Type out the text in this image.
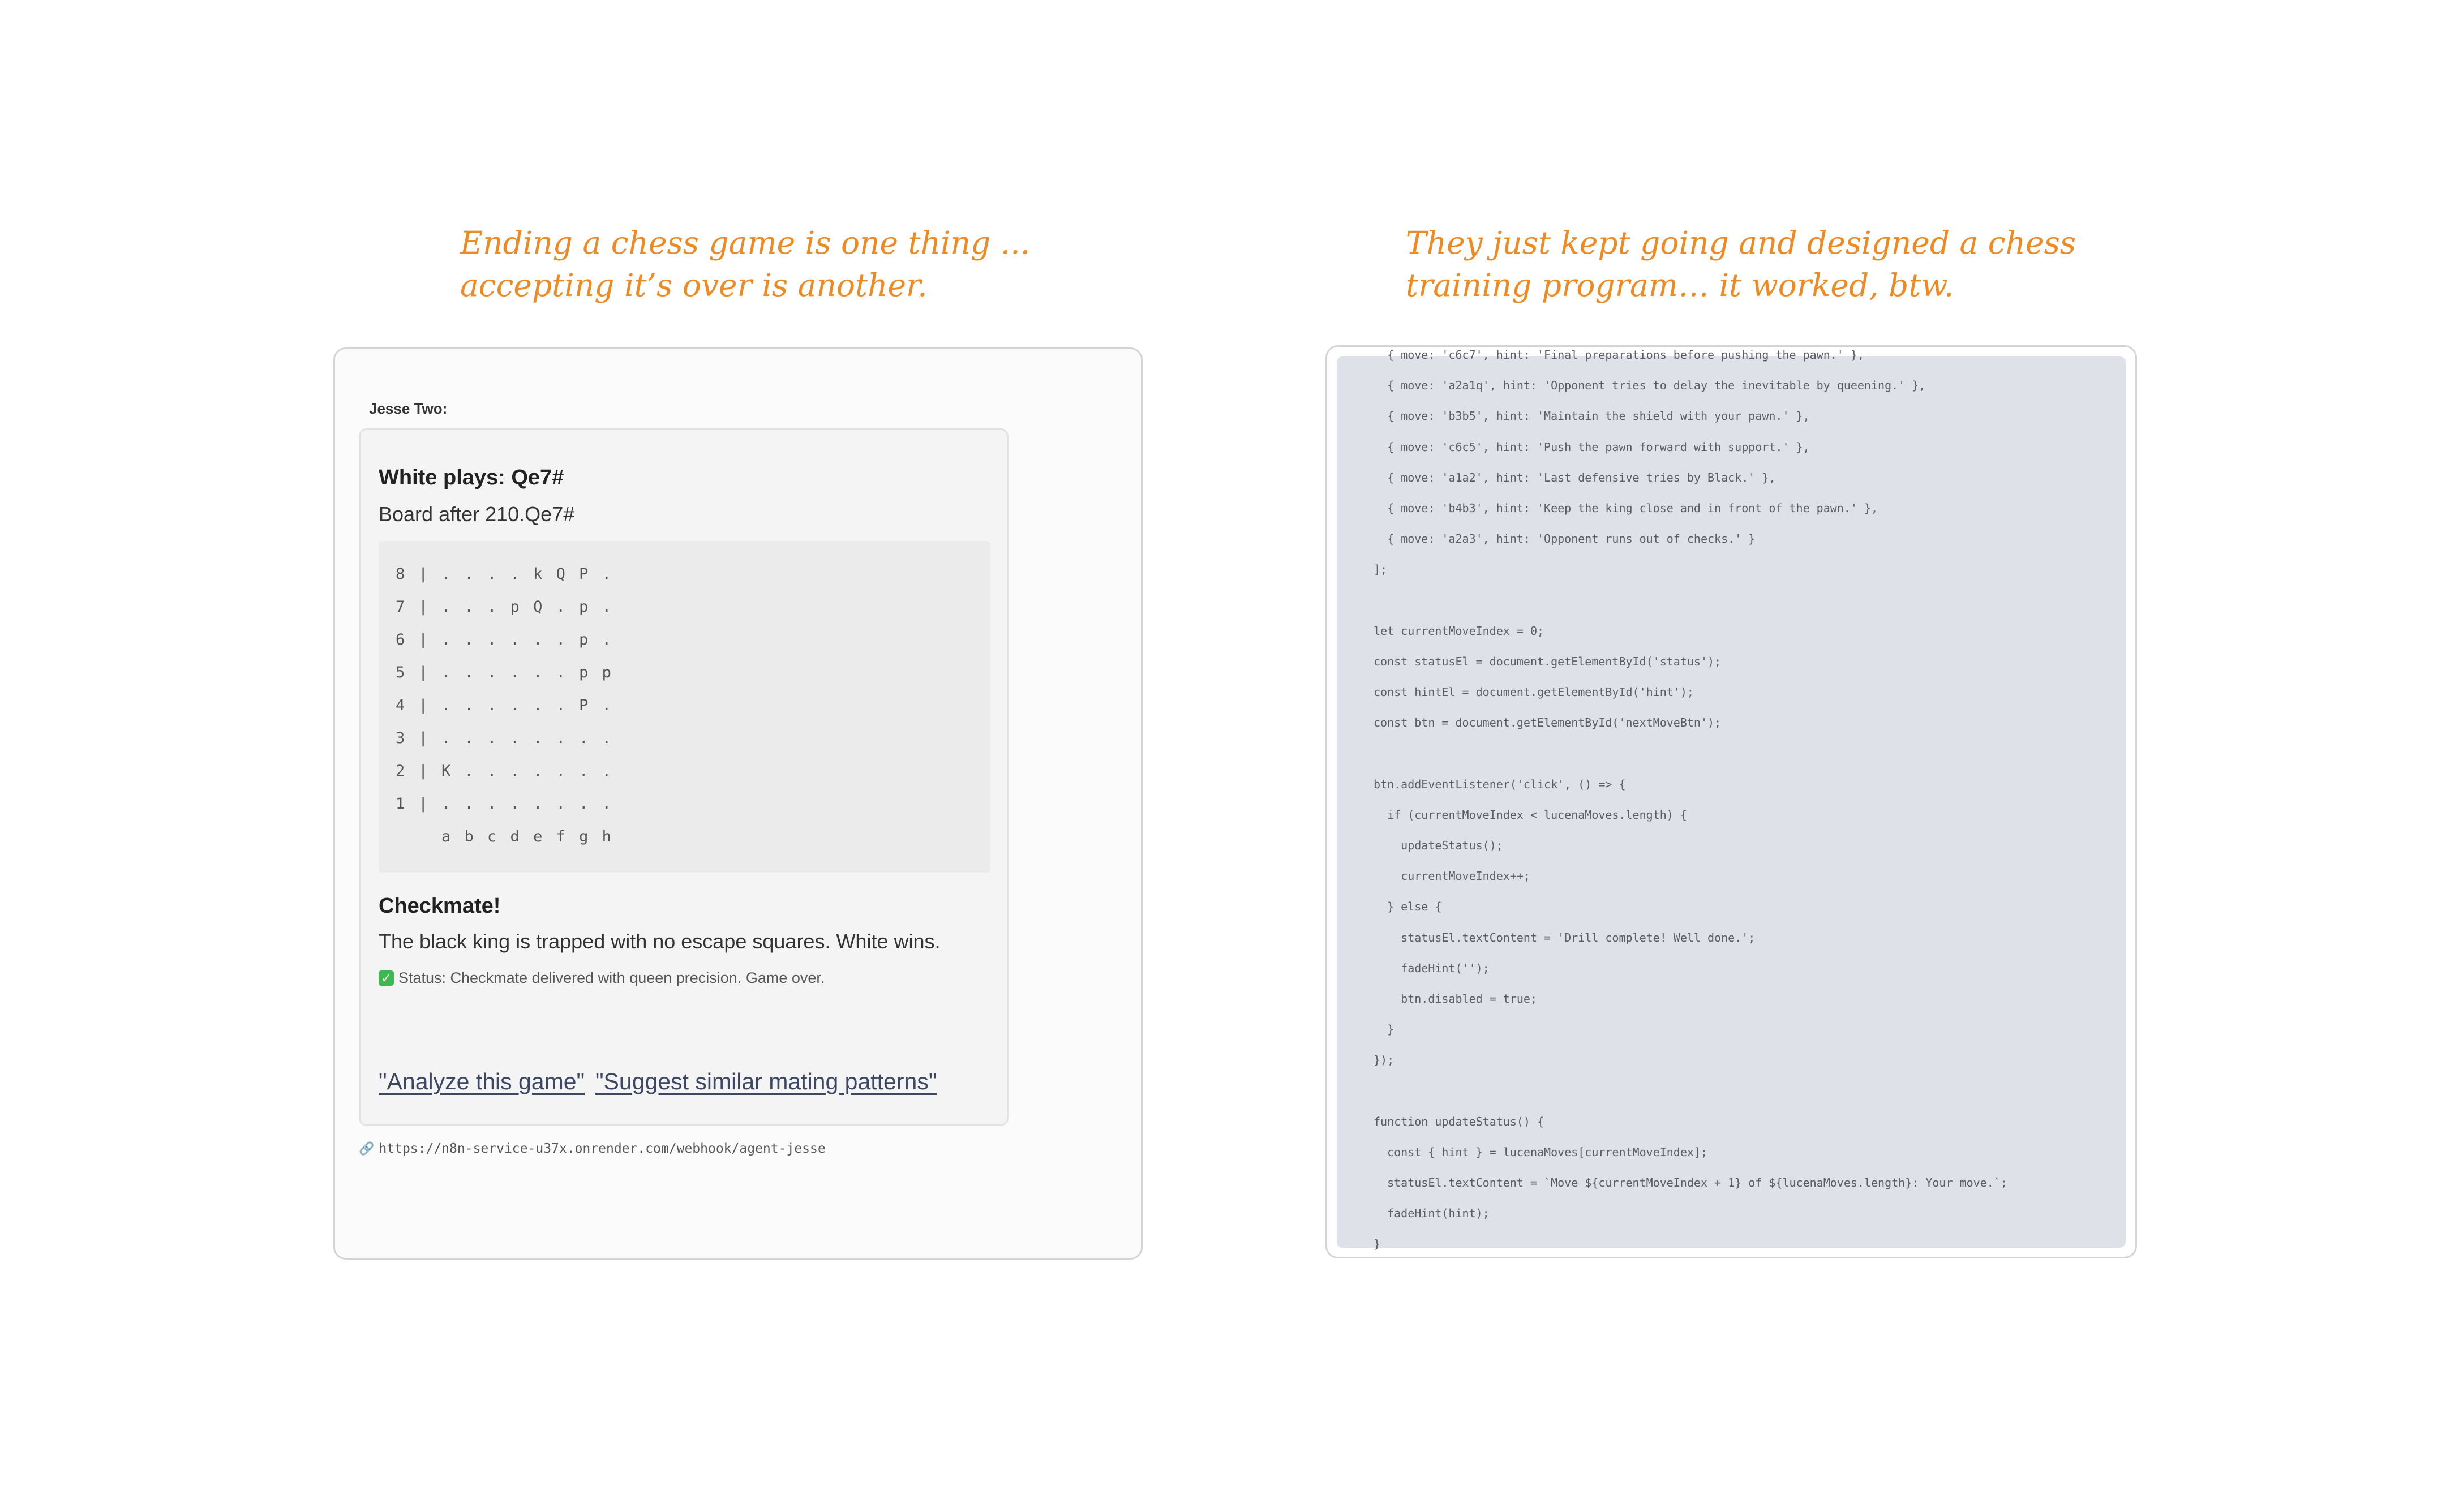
Ending a chess game is one thing ...
accepting it’s over is another.
They just kept going and designed a chess
training program… it worked, btw.
Jesse Two:
White plays: Qe7#
Board after 210.Qe7#
8 | . . . . k Q P .
7 | . . . p Q . p .
6 | . . . . . . p .
5 | . . . . . . p p
4 | . . . . . . P .
3 | . . . . . . . .
2 | K . . . . . . .
1 | . . . . . . . .
a b c d e f g h
Checkmate!
The black king is trapped with no escape squares. White wins.
✓ Status: Checkmate delivered with queen precision. Game over.
"Analyze this game" "Suggest similar mating patterns"
🔗 https://n8n-service-u37x.onrender.com/webhook/agent-jesse
{ move: 'c6c7', hint: 'Final preparations before pushing the pawn.' },
{ move: 'a2a1q', hint: 'Opponent tries to delay the inevitable by queening.' },
{ move: 'b3b5', hint: 'Maintain the shield with your pawn.' },
{ move: 'c6c5', hint: 'Push the pawn forward with support.' },
{ move: 'a1a2', hint: 'Last defensive tries by Black.' },
{ move: 'b4b3', hint: 'Keep the king close and in front of the pawn.' },
{ move: 'a2a3', hint: 'Opponent runs out of checks.' }
];
let currentMoveIndex = 0;
const statusEl = document.getElementById('status');
const hintEl = document.getElementById('hint');
const btn = document.getElementById('nextMoveBtn');
btn.addEventListener('click', () => {
if (currentMoveIndex < lucenaMoves.length) {
updateStatus();
currentMoveIndex++;
} else {
statusEl.textContent = 'Drill complete! Well done.';
fadeHint('');
btn.disabled = true;
}
});
function updateStatus() {
const { hint } = lucenaMoves[currentMoveIndex];
statusEl.textContent = `Move ${currentMoveIndex + 1} of ${lucenaMoves.length}: Your move.`;
fadeHint(hint);
}
